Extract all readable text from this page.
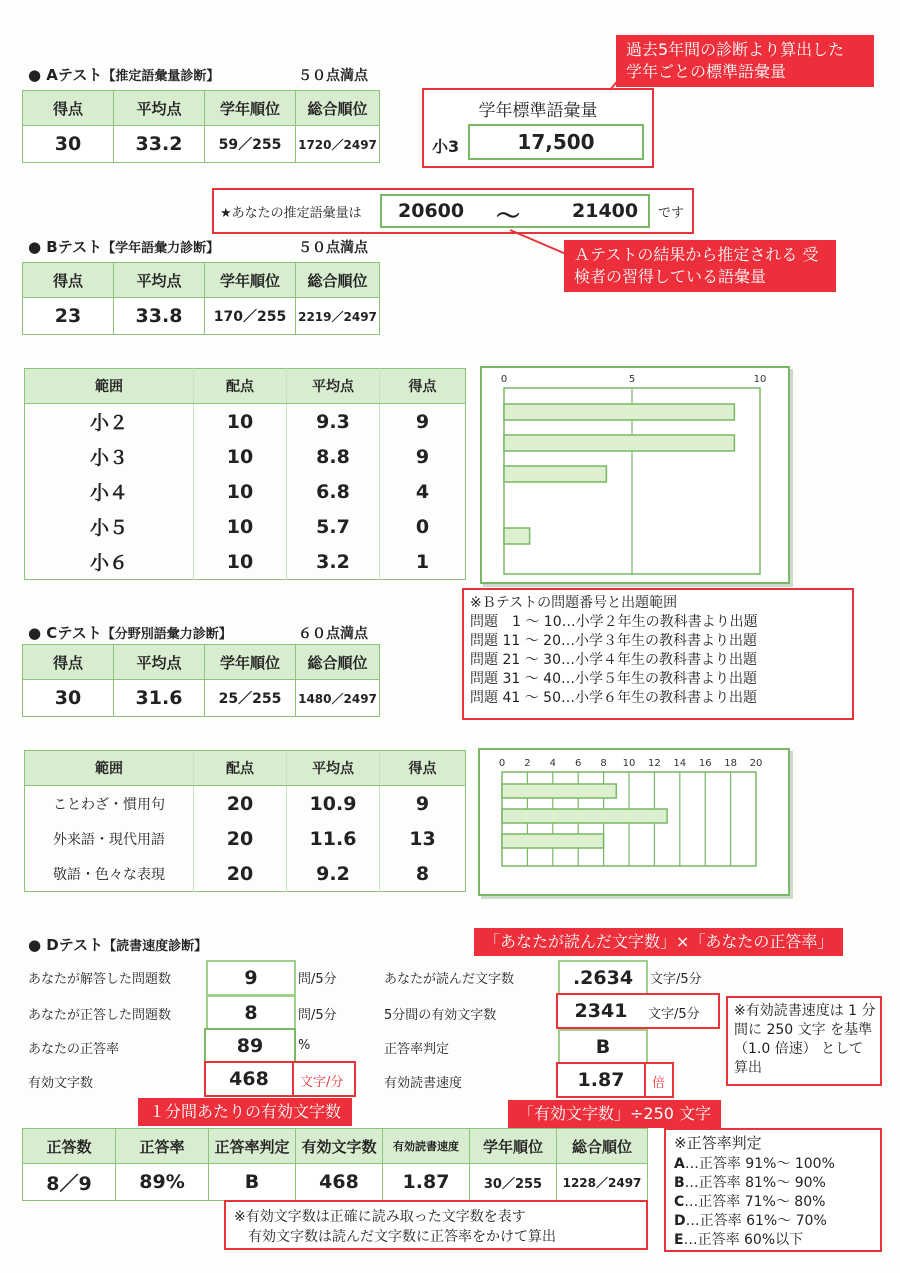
● Aテスト【推定語彙量診断】	５０点満点
得点	平均点	学年順位	総合順位
30	33.2	59／255	1720／2497
過去5年間の診断より算出した 学年ごとの標準語彙量
学年標準語彙量
小3	17,500
★あなたの推定語彙量は 20600 〜	21400 です
Ａテストの結果から推定される 受検者の習得している語彙量
● Bテスト【学年語彙力診断】	５０点満点
得点	平均点	学年順位	総合順位
23	33.8	170／255	2219／2497
範囲	配点	平均点	得点
小２	10	9.3	9
小３	10	8.8	9
小４	10	6.8	4
小５	10	5.7	0
小６	10	3.2	1
0	5	10
※Ｂテストの問題番号と出題範囲
問題　1 〜 10…小学２年生の教科書より出題
問題 11 〜 20…小学３年生の教科書より出題
問題 21 〜 30…小学４年生の教科書より出題
問題 31 〜 40…小学５年生の教科書より出題
問題 41 〜 50…小学６年生の教科書より出題
● Cテスト【分野別語彙力診断】	６０点満点
得点	平均点	学年順位	総合順位
30	31.6	25／255	1480／2497
範囲	配点	平均点	得点
ことわざ・慣用句	20	10.9	9
外来語・現代用語	20	11.6	13
敬語・色々な表現	20	9.2	8
0 2 4 6 8 10 12 14 16 18 20
● Dテスト【読書速度診断】	「あなたが読んだ文字数」×「あなたの正答率」
あなたが解答した問題数	9	問/5分
あなたが正答した問題数	8	問/5分
あなたの正答率	89	%
有効文字数	468	文字/分
１分間あたりの有効文字数
あなたが読んだ文字数	.2634	文字/5分
5分間の有効文字数	2341	文字/5分
正答率判定	B
有効読書速度	1.87	倍
「有効文字数」÷250 文字
※有効読書速度は 1 分間に 250 文字 を基準（1.0 倍速） として算出
正答数	正答率	正答率判定	有効文字数	有効読書速度	学年順位	総合順位
8／9	89%	B	468	1.87	30／255	1228／2497
※有効文字数は正確に読み取った文字数を表す
有効文字数は読んだ文字数に正答率をかけて算出
※正答率判定
A…正答率 91%〜 100%
B…正答率 81%〜 90%
C…正答率 71%〜 80%
D…正答率 61%〜 70%
E…正答率 60%以下
